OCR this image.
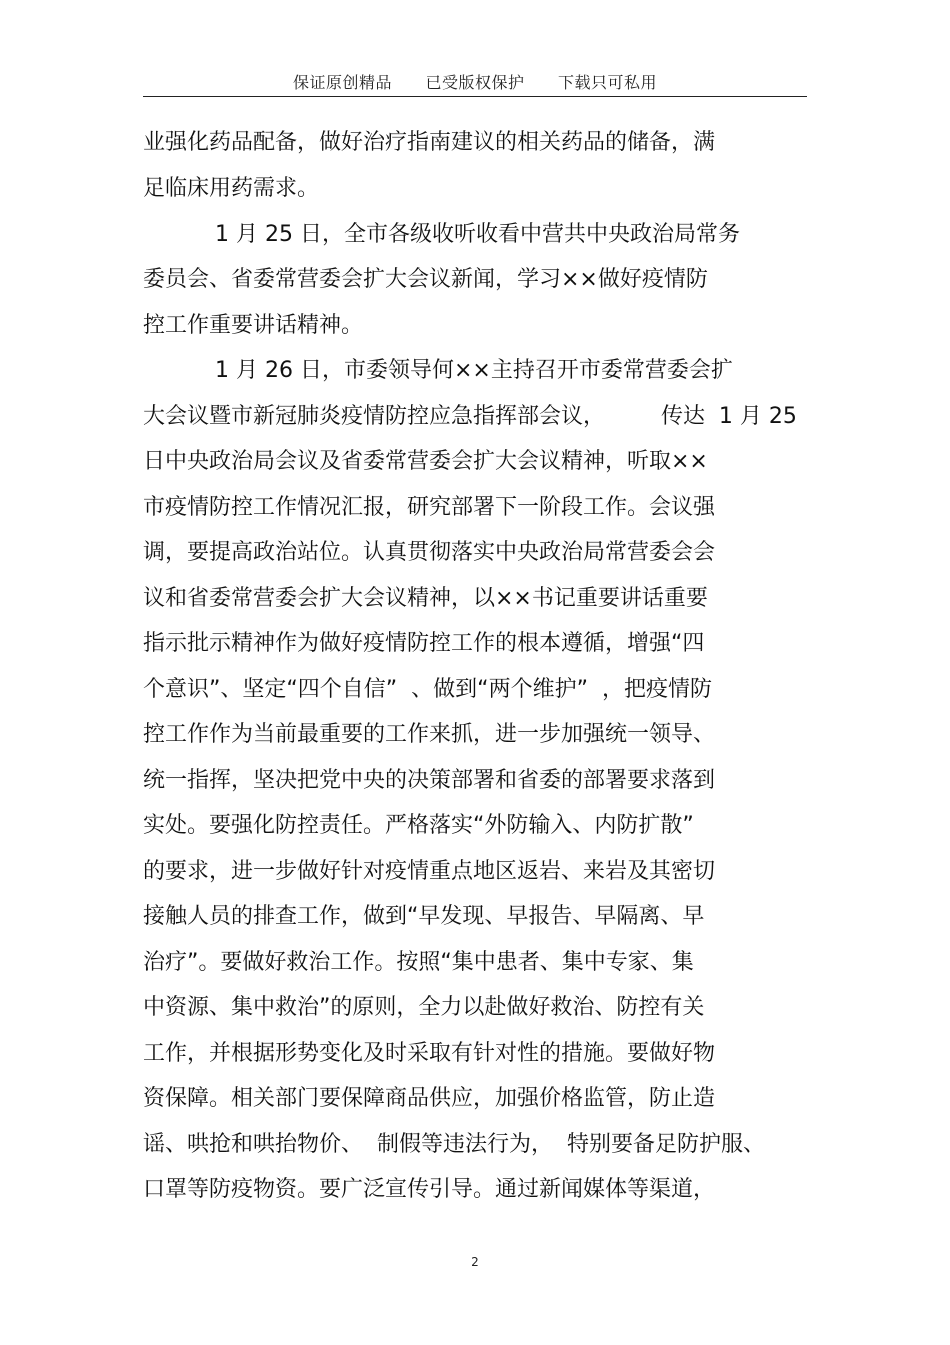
保证原创精品      已受版权保护      下载只可私用
业强化药品配备，做好治疗指南建议的相关药品的储备，满
足临床用药需求。
1 月 25 日，全市各级收听收看中营共中央政治局常务
委员会、省委常营委会扩大会议新闻，学习××做好疫情防
控工作重要讲话精神。
1 月 26 日，市委领导何××主持召开市委常营委会扩
大会议暨市新冠肺炎疫情防控应急指挥部会议，        传达  1 月 25
日中央政治局会议及省委常营委会扩大会议精神，听取××
市疫情防控工作情况汇报，研究部署下一阶段工作。会议强
调，要提高政治站位。认真贯彻落实中央政治局常营委会会
议和省委常营委会扩大会议精神，以××书记重要讲话重要
指示批示精神作为做好疫情防控工作的根本遵循，增强“四
个意识”、坚定“四个自信”  、做到“两个维护”  ，把疫情防
控工作作为当前最重要的工作来抓，进一步加强统一领导、
统一指挥，坚决把党中央的决策部署和省委的部署要求落到
实处。要强化防控责任。严格落实“外防输入、内防扩散”
的要求，进一步做好针对疫情重点地区返岩、来岩及其密切
接触人员的排查工作，做到“早发现、早报告、早隔离、早
治疗”。要做好救治工作。按照“集中患者、集中专家、集
中资源、集中救治”的原则，全力以赴做好救治、防控有关
工作，并根据形势变化及时采取有针对性的措施。要做好物
资保障。相关部门要保障商品供应，加强价格监管，防止造
谣、哄抢和哄抬物价、  制假等违法行为，  特别要备足防护服、
口罩等防疫物资。要广泛宣传引导。通过新闻媒体等渠道，
2
